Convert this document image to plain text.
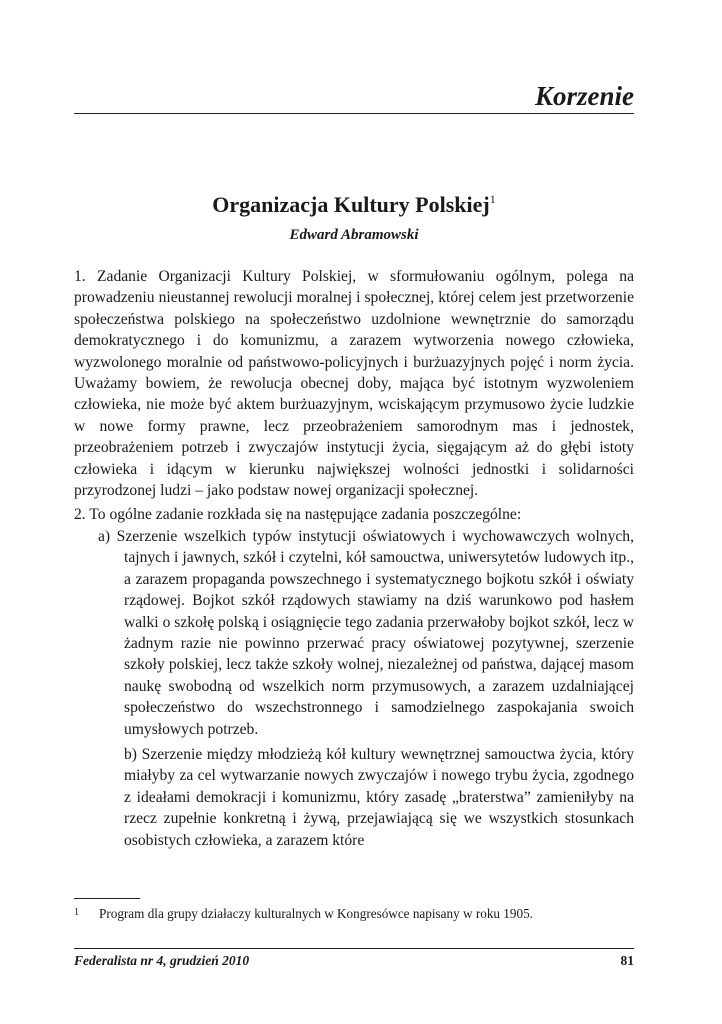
Korzenie
Organizacja Kultury Polskiej$^1$
Edward Abramowski

1. Zadanie Organizacji Kultury Polskiej, w sformułowaniu ogólnym, polega na prowadzeniu nieustannej rewolucji moralnej i społecznej, której celem jest przetworzenie społeczeństwa polskiego na społeczeństwo uzdolnione wewnętrznie do samorządu demokratycznego i do komunizmu, a zarazem wytworzenia nowego człowieka, wyzwolonego moralnie od państwowo-policyjnych i burżuazyjnych pojęć i norm życia. Uważamy bowiem, że rewolucja obecnej doby, mająca być istotnym wyzwoleniem człowieka, nie może być aktem burżuazyjnym, wciskającym przymusowo życie ludzkie w nowe formy prawne, lecz przeobrażeniem samorodnym mas i jednostek, przeobrażeniem potrzeb i zwyczajów instytucji życia, sięgającym aż do głębi istoty człowieka i idącym w kierunku największej wolności jednostki i solidarności przyrodzonej ludzi – jako podstaw nowej organizacji społecznej.

2. To ogólne zadanie rozkłada się na następujące zadania poszczególne:

a) Szerzenie wszelkich typów instytucji oświatowych i wychowawczych wolnych, tajnych i jawnych, szkół i czytelni, kół samouctwa, uniwersytetów ludowych itp., a zarazem propaganda powszechnego i systematycznego bojkotu szkół i oświaty rządowej. Bojkot szkół rządowych stawiamy na dziś warunkowo pod hasłem walki o szkołę polską i osiągnięcie tego zadania przerwałoby bojkot szkół, lecz w żadnym razie nie powinno przerwać pracy oświatowej pozytywnej, szerzenie szkoły polskiej, lecz także szkoły wolnej, niezależnej od państwa, dającej masom naukę swobodną od wszelkich norm przymusowych, a zarazem uzdalniającej społeczeństwo do wszechstronnego i samodzielnego zaspokajania swoich umysłowych potrzeb.

b) Szerzenie między młodzieżą kół kultury wewnętrznej samouctwa życia, który miałyby za cel wytwarzanie nowych zwyczajów i nowego trybu życia, zgodnego z ideałami demokracji i komunizmu, który zasadę „braterstwa” zamieniłyby na rzecz zupełnie konkretną i żywą, przejawiającą się we wszystkich stosunkach osobistych człowieka, a zarazem które

1	Program dla grupy działaczy kulturalnych w Kongresówce napisany w roku 1905.
Federalista nr 4, grudzień 2010	81
